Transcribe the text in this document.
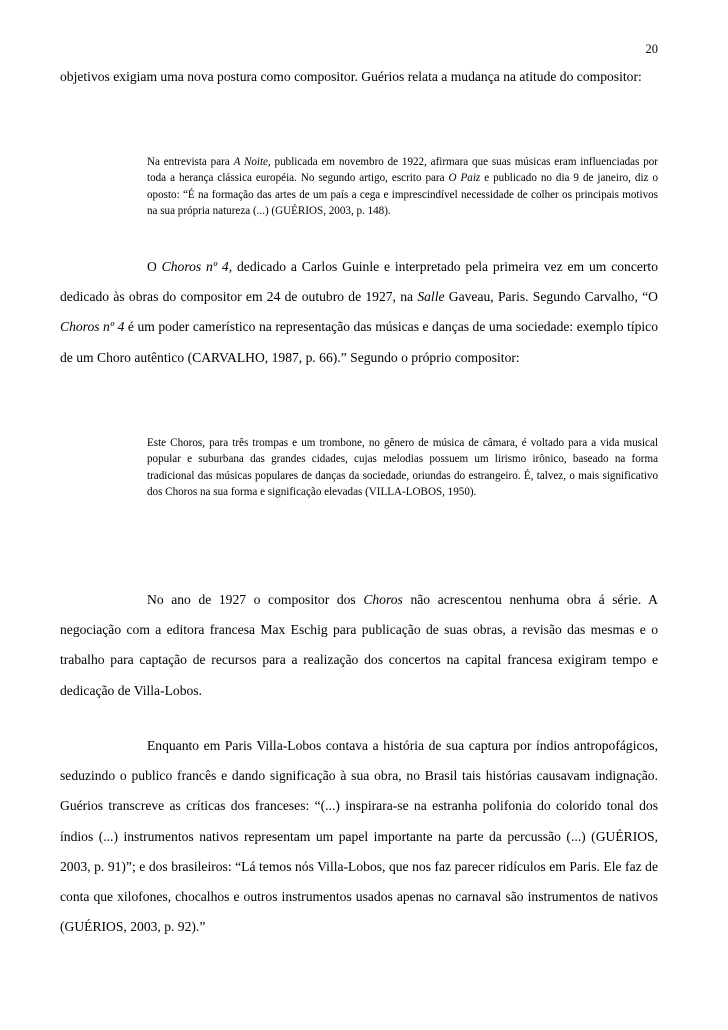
20

objetivos exigiam uma nova postura como compositor. Guérios relata a mudança na atitude do compositor:

Na entrevista para A Noite, publicada em novembro de 1922, afirmara que suas músicas eram influenciadas por toda a herança clássica européia. No segundo artigo, escrito para O Paiz e publicado no dia 9 de janeiro, diz o oposto: “É na formação das artes de um país a cega e imprescindível necessidade de colher os principais motivos na sua própria natureza (...) (GUÉRIOS, 2003, p. 148).

O Choros nº 4, dedicado a Carlos Guinle e interpretado pela primeira vez em um concerto dedicado às obras do compositor em 24 de outubro de 1927, na Salle Gaveau, Paris. Segundo Carvalho, “O Choros nº 4 é um poder camerístico na representação das músicas e danças de uma sociedade: exemplo típico de um Choro autêntico (CARVALHO, 1987, p. 66).” Segundo o próprio compositor:

Este Choros, para três trompas e um trombone, no gênero de música de câmara, é voltado para a vida musical popular e suburbana das grandes cidades, cujas melodias possuem um lirismo irônico, baseado na forma tradicional das músicas populares de danças da sociedade, oriundas do estrangeiro. É, talvez, o mais significativo dos Choros na sua forma e significação elevadas (VILLA-LOBOS, 1950).

No ano de 1927 o compositor dos Choros não acrescentou nenhuma obra á série. A negociação com a editora francesa Max Eschig para publicação de suas obras, a revisão das mesmas e o trabalho para captação de recursos para a realização dos concertos na capital francesa exigiram tempo e dedicação de Villa-Lobos.

Enquanto em Paris Villa-Lobos contava a história de sua captura por índios antropofágicos, seduzindo o publico francês e dando significação à sua obra, no Brasil tais histórias causavam indignação. Guérios transcreve as críticas dos franceses: “(...) inspirara-se na estranha polifonia do colorido tonal dos índios (...) instrumentos nativos representam um papel importante na parte da percussão (...) (GUÉRIOS, 2003, p. 91)”; e dos brasileiros: “Lá temos nós Villa-Lobos, que nos faz parecer ridículos em Paris. Ele faz de conta que xilofones, chocalhos e outros instrumentos usados apenas no carnaval são instrumentos de nativos (GUÉRIOS, 2003, p. 92).”
